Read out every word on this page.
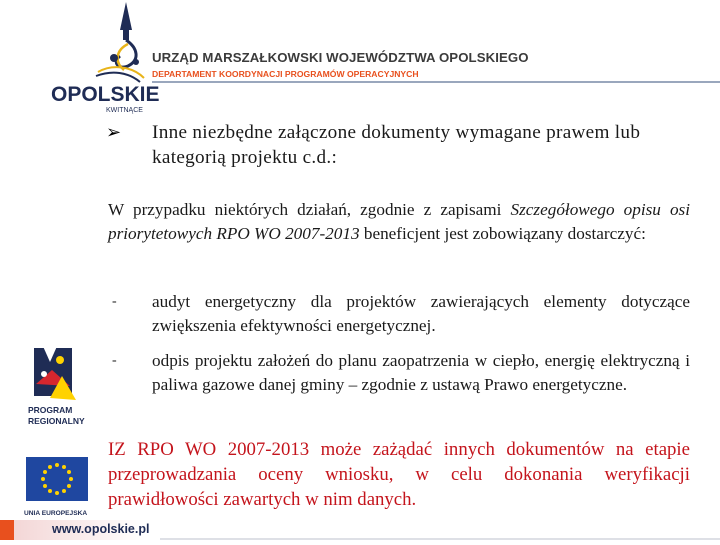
OPOLSKIE
KWITNĄCE
URZĄD MARSZAŁKOWSKI WOJEWÓDZTWA OPOLSKIEGO
DEPARTAMENT KOORDYNACJI PROGRAMÓW OPERACYJNYCH
➢ Inne niezbędne załączone dokumenty wymagane prawem lub kategorią projektu c.d.:
W przypadku niektórych działań, zgodnie z zapisami Szczegółowego opisu osi priorytetowych RPO WO 2007-2013 beneficjent jest zobowiązany dostarczyć:
- audyt energetyczny dla projektów zawierających elementy dotyczące zwiększenia efektywności energetycznej.
- odpis projektu założeń do planu zaopatrzenia w ciepło, energię elektryczną i paliwa gazowe danej gminy – zgodnie z ustawą Prawo energetyczne.
IZ RPO WO 2007-2013 może zażądać innych dokumentów na etapie przeprowadzania oceny wniosku, w celu dokonania weryfikacji prawidłowości zawartych w nim danych.
PROGRAM
REGIONALNY
UNIA EUROPEJSKA
www.opolskie.pl
